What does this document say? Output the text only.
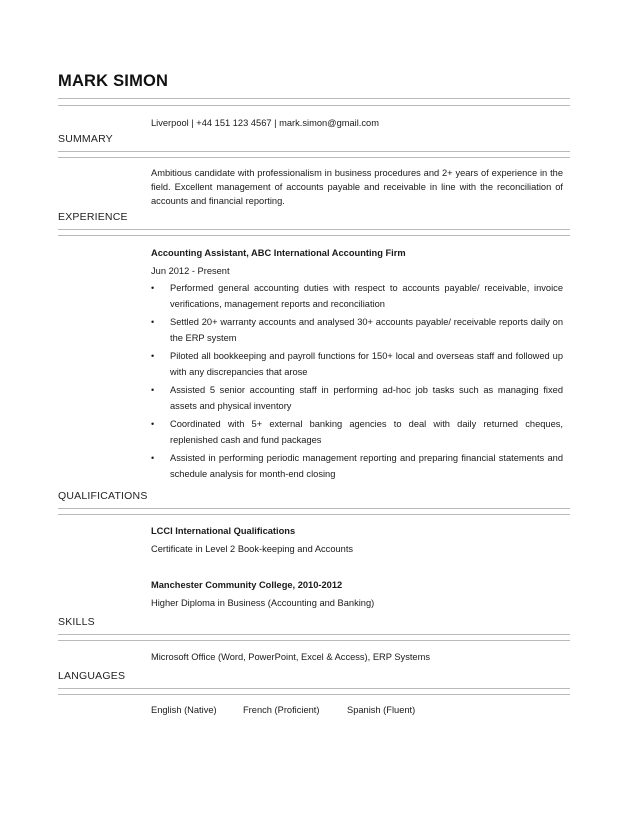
MARK SIMON
Liverpool | +44 151 123 4567 | mark.simon@gmail.com
SUMMARY
Ambitious candidate with professionalism in business procedures and 2+ years of experience in the field. Excellent management of accounts payable and receivable in line with the reconciliation of accounts and financial reporting.
EXPERIENCE
Accounting Assistant, ABC International Accounting Firm
Jun 2012 - Present
• Performed general accounting duties with respect to accounts payable/ receivable, invoice verifications, management reports and reconciliation
• Settled 20+ warranty accounts and analysed 30+ accounts payable/ receivable reports daily on the ERP system
• Piloted all bookkeeping and payroll functions for 150+ local and overseas staff and followed up with any discrepancies that arose
• Assisted 5 senior accounting staff in performing ad-hoc job tasks such as managing fixed assets and physical inventory
• Coordinated with 5+ external banking agencies to deal with daily returned cheques, replenished cash and fund packages
• Assisted in performing periodic management reporting and preparing financial statements and schedule analysis for month-end closing
QUALIFICATIONS
LCCI International Qualifications
Certificate in Level 2 Book-keeping and Accounts
Manchester Community College, 2010-2012
Higher Diploma in Business (Accounting and Banking)
SKILLS
Microsoft Office (Word, PowerPoint, Excel & Access), ERP Systems
LANGUAGES
English (Native)	French (Proficient)	Spanish (Fluent)
